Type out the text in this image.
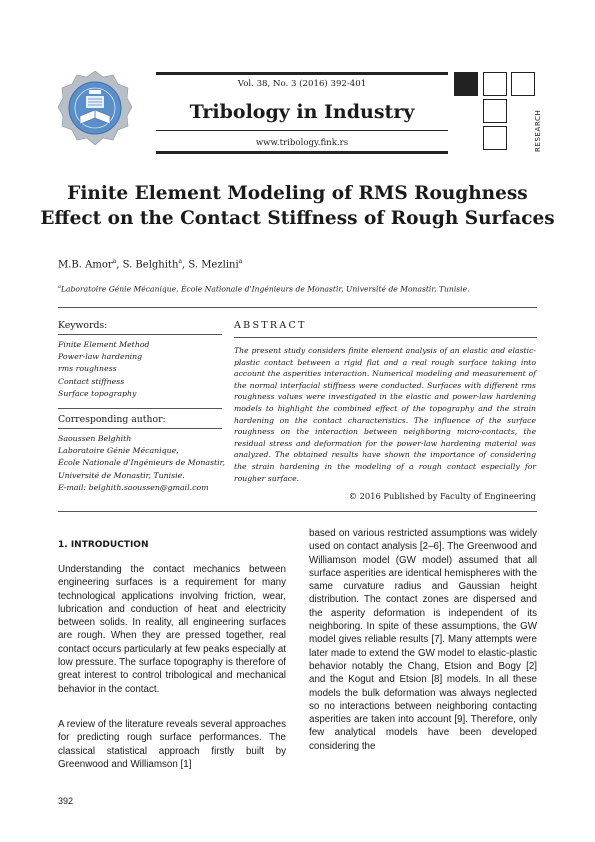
Vol. 38, No. 3 (2016) 392-401
Tribology in Industry
www.tribology.fink.rs	RESEARCH
Finite Element Modeling of RMS Roughness Effect on the Contact Stiffness of Rough Surfaces
M.B. Amor$^a$, S. Belghith$^a$, S. Mezlini$^a$
$^a$Laboratoire Génie Mécanique, École Nationale d'Ingénieurs de Monastir, Université de Monastir, Tunisie.
Keywords:
Finite Element Method
Power-law hardening
rms roughness
Contact stiffness
Surface topography
Corresponding author:
Saoussen Belghith
Laboratoire Génie Mécanique,
École Nationale d'Ingénieurs de Monastir,
Université de Monastir, Tunisie.
E-mail: belghith.saoussen@gmail.com
ABSTRACT
The present study considers finite element analysis of an elastic and elastic-plastic contact between a rigid flat and a real rough surface taking into account the asperities interaction. Numerical modeling and measurement of the normal interfacial stiffness were conducted. Surfaces with different rms roughness values were investigated in the elastic and power-law hardening models to highlight the combined effect of the topography and the strain hardening on the contact characteristics. The influence of the surface roughness on the interaction between neighboring micro-contacts, the residual stress and deformation for the power-law hardening material was analyzed. The obtained results have shown the importance of considering the strain hardening in the modeling of a rough contact especially for rougher surface.
© 2016 Published by Faculty of Engineering
1. INTRODUCTION
Understanding the contact mechanics between engineering surfaces is a requirement for many technological applications involving friction, wear, lubrication and conduction of heat and electricity between solids. In reality, all engineering surfaces are rough. When they are pressed together, real contact occurs particularly at few peaks especially at low pressure. The surface topography is therefore of great interest to control tribological and mechanical behavior in the contact.
A review of the literature reveals several approaches for predicting rough surface performances. The classical statistical approach firstly built by Greenwood and Williamson [1]
based on various restricted assumptions was widely used on contact analysis [2–6]. The Greenwood and Williamson model (GW model) assumed that all surface asperities are identical hemispheres with the same curvature radius and Gaussian height distribution. The contact zones are dispersed and the asperity deformation is independent of its neighboring. In spite of these assumptions, the GW model gives reliable results [7]. Many attempts were later made to extend the GW model to elastic-plastic behavior notably the Chang, Etsion and Bogy [2] and the Kogut and Etsion [8] models. In all these models the bulk deformation was always neglected so no interactions between neighboring contacting asperities are taken into account [9]. Therefore, only few analytical models have been developed considering the
392
